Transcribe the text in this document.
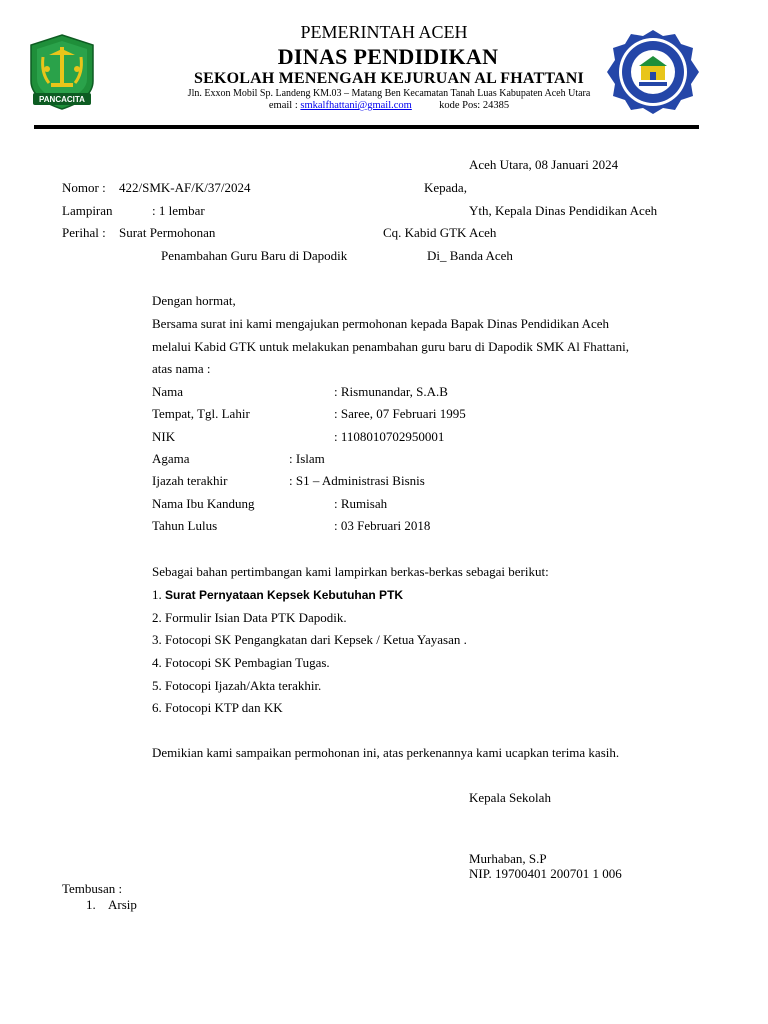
PANCACITA
PEMERINTAH ACEH
DINAS PENDIDIKAN
SEKOLAH MENENGAH KEJURUAN AL FHATTANI
Jln. Exxon Mobil Sp. Landeng KM.03 – Matang Ben Kecamatan Tanah Luas Kabupaten Aceh Utara
email : smkalfhattani@gmail.com	kode Pos: 24385
Aceh Utara, 08 Januari 2024
Nomor : 422/SMK-AF/K/37/2024	Kepada,
Lampiran	: 1 lembar	Yth, Kepala Dinas Pendidikan Aceh
Perihal : Surat Permohonan	Cq. Kabid GTK Aceh
Penambahan Guru Baru di Dapodik	Di_ Banda Aceh
Dengan hormat,
Bersama surat ini kami mengajukan permohonan kepada Bapak Dinas Pendidikan Aceh
melalui Kabid GTK untuk melakukan penambahan guru baru di Dapodik SMK Al Fhattani,
atas nama :
Nama	: Rismunandar, S.A.B
Tempat, Tgl. Lahir	: Saree, 07 Februari 1995
NIK	: 1108010702950001
Agama	: Islam
Ijazah terakhir	: S1 – Administrasi Bisnis
Nama Ibu Kandung	: Rumisah
Tahun Lulus	: 03 Februari 2018
Sebagai bahan pertimbangan kami lampirkan berkas-berkas sebagai berikut:
1. Surat Pernyataan Kepsek Kebutuhan PTK
2. Formulir Isian Data PTK Dapodik.
3. Fotocopi SK Pengangkatan dari Kepsek / Ketua Yayasan .
4. Fotocopi SK Pembagian Tugas.
5. Fotocopi Ijazah/Akta terakhir.
6. Fotocopi KTP dan KK
Demikian kami sampaikan permohonan ini, atas perkenannya kami ucapkan terima kasih.
Kepala Sekolah
Murhaban, S.P
NIP. 19700401 200701 1 006
Tembusan :
1. Arsip
